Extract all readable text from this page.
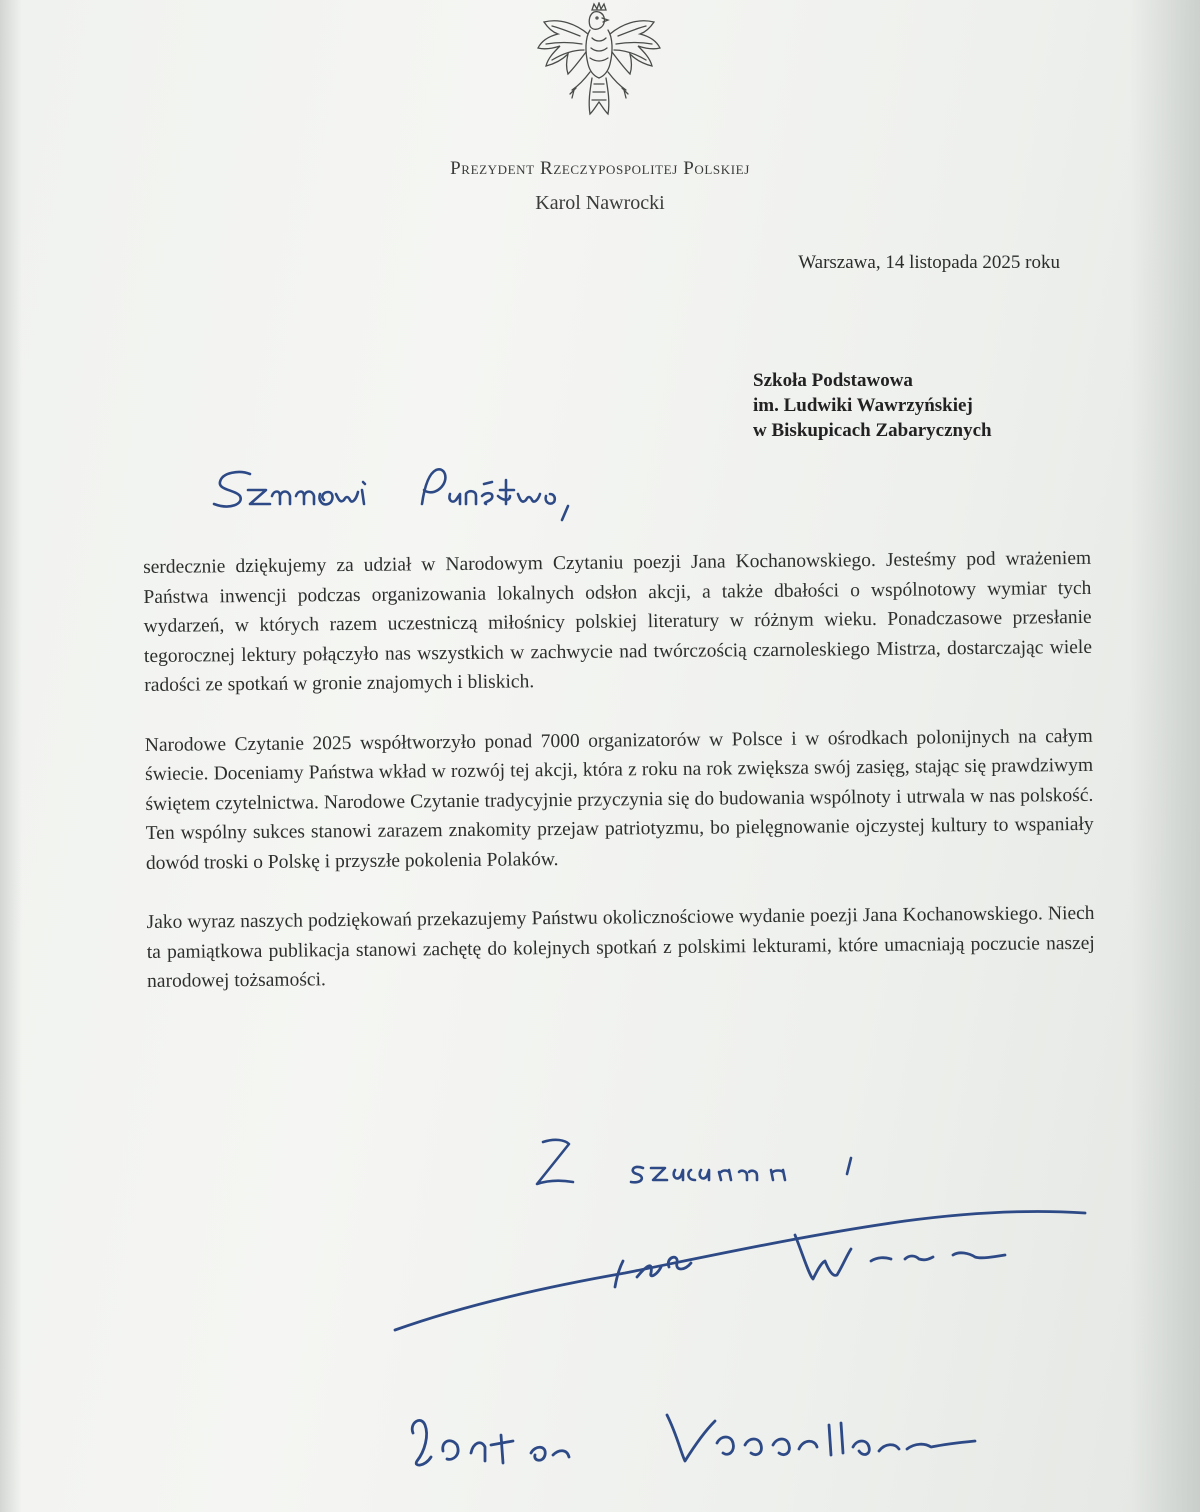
Prezydent Rzeczypospolitej Polskiej
Karol Nawrocki
Warszawa, 14 listopada 2025 roku
Szkoła Podstawowa
im. Ludwiki Wawrzyńskiej
w Biskupicach Zabarycznych

serdecznie dziękujemy za udział w Narodowym Czytaniu poezji Jana Kochanowskiego. Jesteśmy pod wrażeniem Państwa inwencji podczas organizowania lokalnych odsłon akcji, a także dbałości o wspólnotowy wymiar tych wydarzeń, w których razem uczestniczą miłośnicy polskiej literatury w różnym wieku. Ponadczasowe przesłanie tegorocznej lektury połączyło nas wszystkich w zachwycie nad twórczością czarnoleskiego Mistrza, dostarczając wiele radości ze spotkań w gronie znajomych i bliskich.

Narodowe Czytanie 2025 współtworzyło ponad 7000 organizatorów w Polsce i w ośrodkach polonijnych na całym świecie. Doceniamy Państwa wkład w rozwój tej akcji, która z roku na rok zwiększa swój zasięg, stając się prawdziwym świętem czytelnictwa. Narodowe Czytanie tradycyjnie przyczynia się do budowania wspólnoty i utrwala w nas polskość. Ten wspólny sukces stanowi zarazem znakomity przejaw patriotyzmu, bo pielęgnowanie ojczystej kultury to wspaniały dowód troski o Polskę i przyszłe pokolenia Polaków.

Jako wyraz naszych podziękowań przekazujemy Państwu okolicznościowe wydanie poezji Jana Kochanowskiego. Niech ta pamiątkowa publikacja stanowi zachętę do kolejnych spotkań z polskimi lekturami, które umacniają poczucie naszej narodowej tożsamości.
